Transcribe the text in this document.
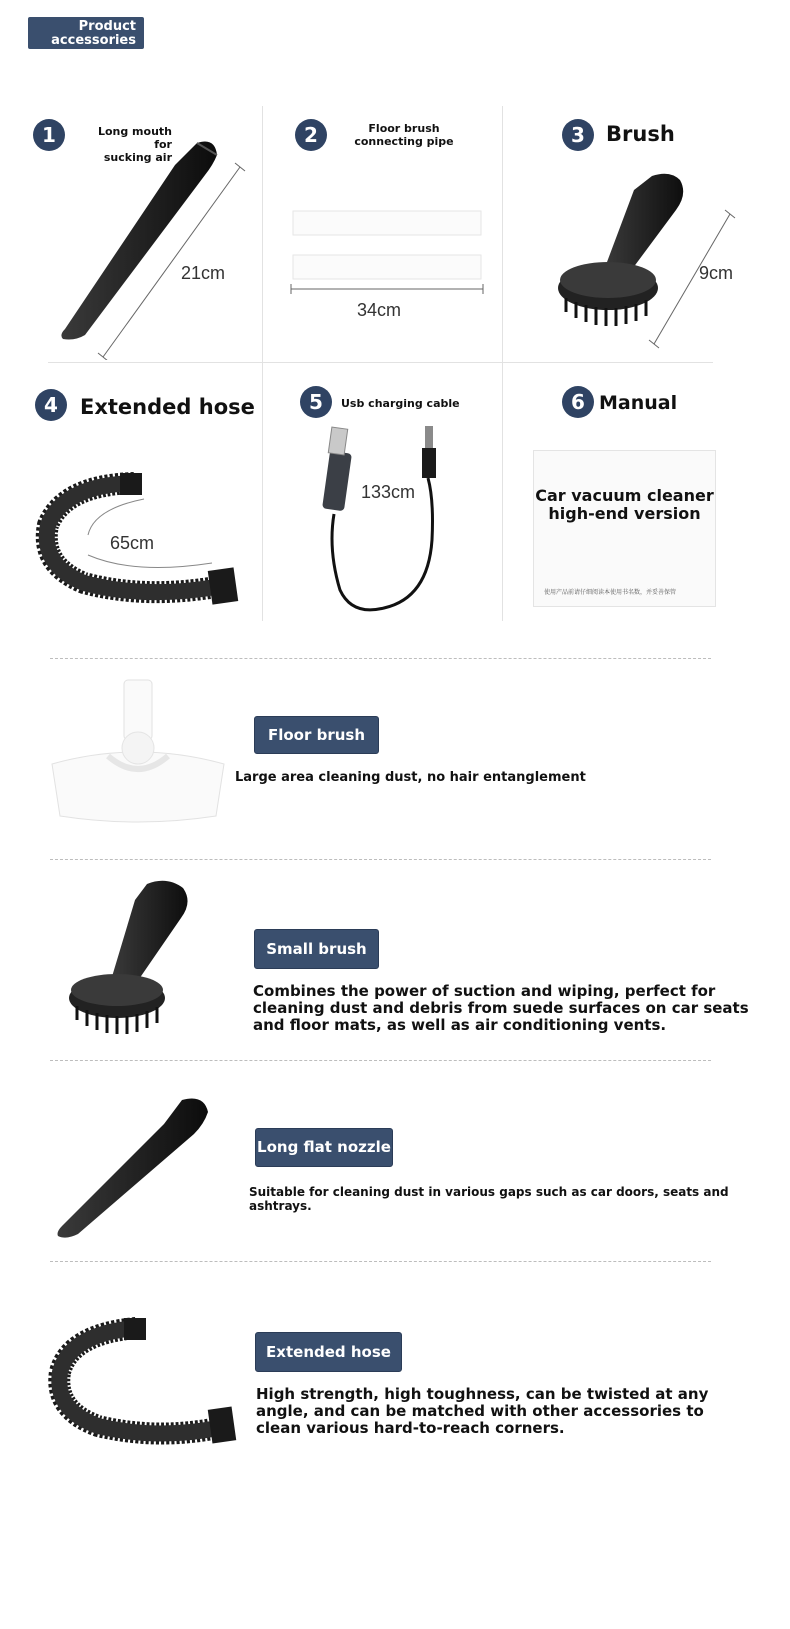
Product
accessories
1	Long mouth for
sucking air
21cm
2	Floor brush
connecting pipe
34cm
3	Brush
9cm
4	Extended hose
65cm
5	Usb charging cable
133cm
6 Manual
Car vacuum cleaner
high-end version
使用产品前请仔细阅读本使用书名数，并妥善保管
Floor brush
Large area cleaning dust, no hair entanglement
Small brush
Combines the power of suction and wiping, perfect for
cleaning dust and debris from suede surfaces on car seats
and floor mats, as well as air conditioning vents.
Long flat nozzle
Suitable for cleaning dust in various gaps such as car doors, seats and ashtrays.
Extended hose
High strength, high toughness, can be twisted at any
angle, and can be matched with other accessories to
clean various hard-to-reach corners.
